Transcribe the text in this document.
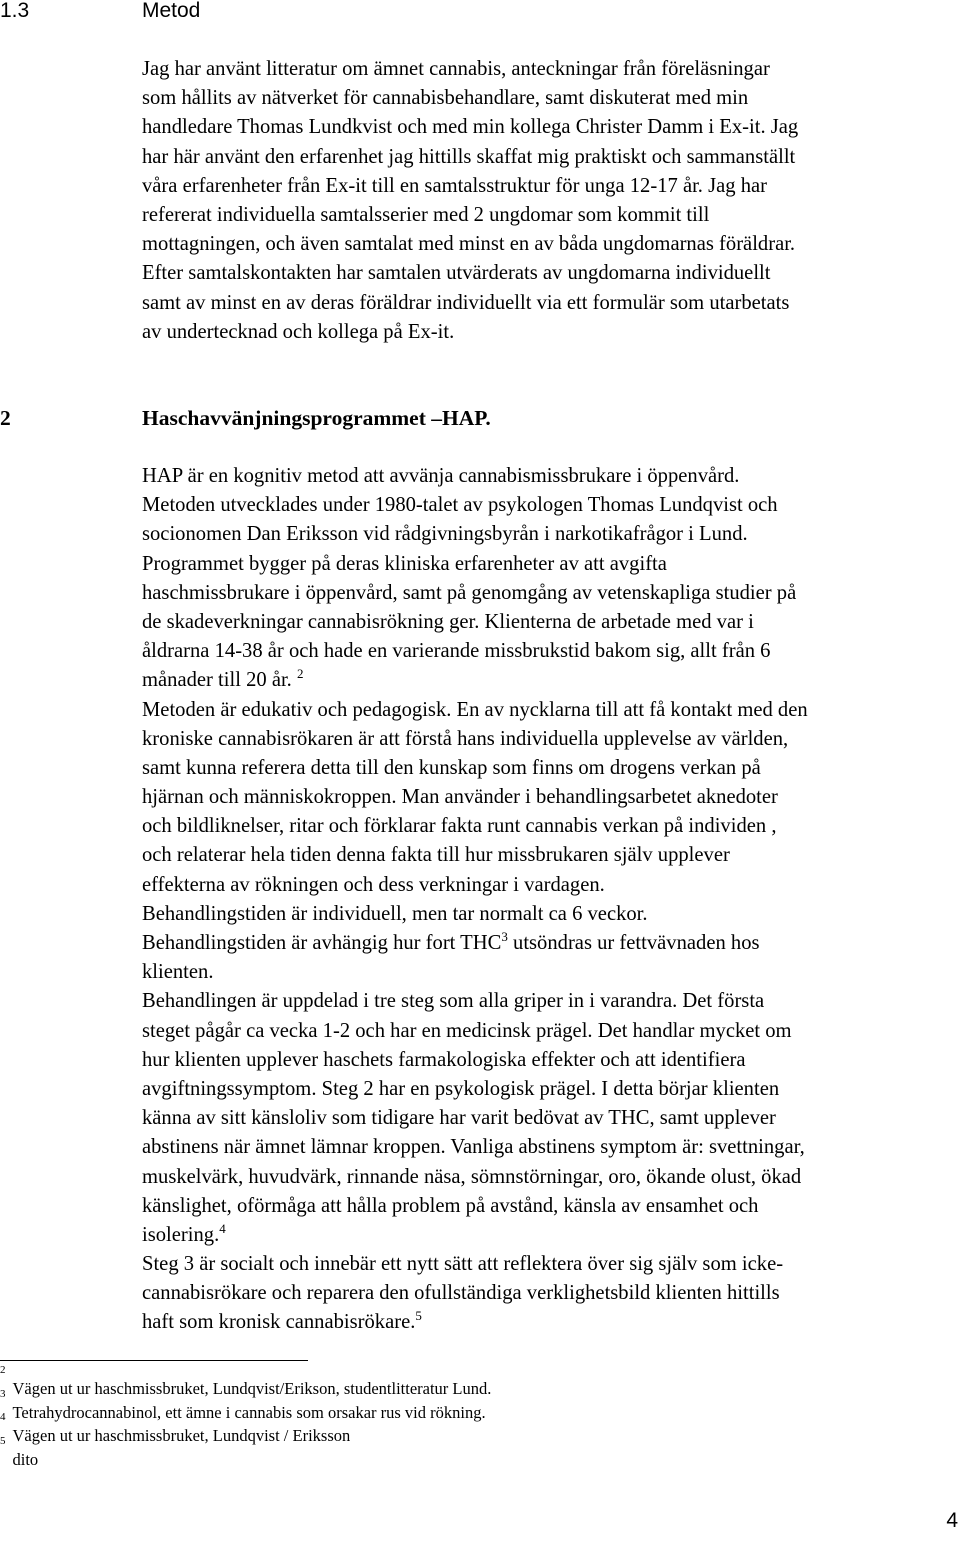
1.3	Metod
Jag har använt litteratur om ämnet cannabis, anteckningar från föreläsningar
som hållits av nätverket för cannabisbehandlare, samt diskuterat med min
handledare Thomas Lundkvist och med min kollega Christer Damm i Ex-it. Jag
har här använt den erfarenhet jag hittills skaffat mig praktiskt och sammanställt
våra erfarenheter från Ex-it till en samtalsstruktur för unga 12-17 år. Jag har
refererat individuella samtalsserier med 2 ungdomar som kommit till
mottagningen, och även samtalat med minst en av båda ungdomarnas föräldrar.
Efter samtalskontakten har samtalen utvärderats av ungdomarna individuellt
samt av minst en av deras föräldrar individuellt via ett formulär som utarbetats
av undertecknad och kollega på Ex-it.
2	Haschavvänjningsprogrammet –HAP.
HAP är en kognitiv metod att avvänja cannabismissbrukare i öppenvård.
Metoden utvecklades under 1980-talet av psykologen Thomas Lundqvist och
socionomen Dan Eriksson vid rådgivningsbyrån i narkotikafrågor i Lund.
Programmet bygger på deras kliniska erfarenheter av att avgifta
haschmissbrukare i öppenvård, samt på genomgång av vetenskapliga studier på
de skadeverkningar cannabisrökning ger. Klienterna de arbetade med var i
åldrarna 14-38 år och hade en varierande missbrukstid bakom sig, allt från 6
månader till 20 år. $^2$
Metoden är edukativ och pedagogisk. En av nycklarna till att få kontakt med den
kroniske cannabisrökaren är att förstå hans individuella upplevelse av världen,
samt kunna referera detta till den kunskap som finns om drogens verkan på
hjärnan och människokroppen. Man använder i behandlingsarbetet aknedoter
och bildliknelser, ritar och förklarar fakta runt cannabis verkan på individen ,
och relaterar hela tiden denna fakta till hur missbrukaren själv upplever
effekterna av rökningen och dess verkningar i vardagen.
Behandlingstiden är individuell, men tar normalt ca 6 veckor.
Behandlingstiden är avhängig hur fort THC$^3$ utsöndras ur fettvävnaden hos
klienten.
Behandlingen är uppdelad i tre steg som alla griper in i varandra. Det första
steget pågår ca vecka 1-2 och har en medicinsk prägel. Det handlar mycket om
hur klienten upplever haschets farmakologiska effekter och att identifiera
avgiftningssymptom. Steg 2 har en psykologisk prägel. I detta börjar klienten
känna av sitt känsloliv som tidigare har varit bedövat av THC, samt upplever
abstinens när ämnet lämnar kroppen. Vanliga abstinens symptom är: svettningar,
muskelvärk, huvudvärk, rinnande näsa, sömnstörningar, oro, ökande olust, ökad
känslighet, oförmåga att hålla problem på avstånd, känsla av ensamhet och
isolering.$^4$
Steg 3 är socialt och innebär ett nytt sätt att reflektera över sig själv som icke-
cannabisrökare och reparera den ofullständiga verklighetsbild klienten hittills
haft som kronisk cannabisrökare.$^5$
$^2$Vägen ut ur haschmissbruket, Lundqvist/Erikson, studentlitteratur Lund.
$^3$Tetrahydrocannabinol, ett ämne i cannabis som orsakar rus vid rökning.
$^4$Vägen ut ur haschmissbruket, Lundqvist / Eriksson
$^5$dito
4
